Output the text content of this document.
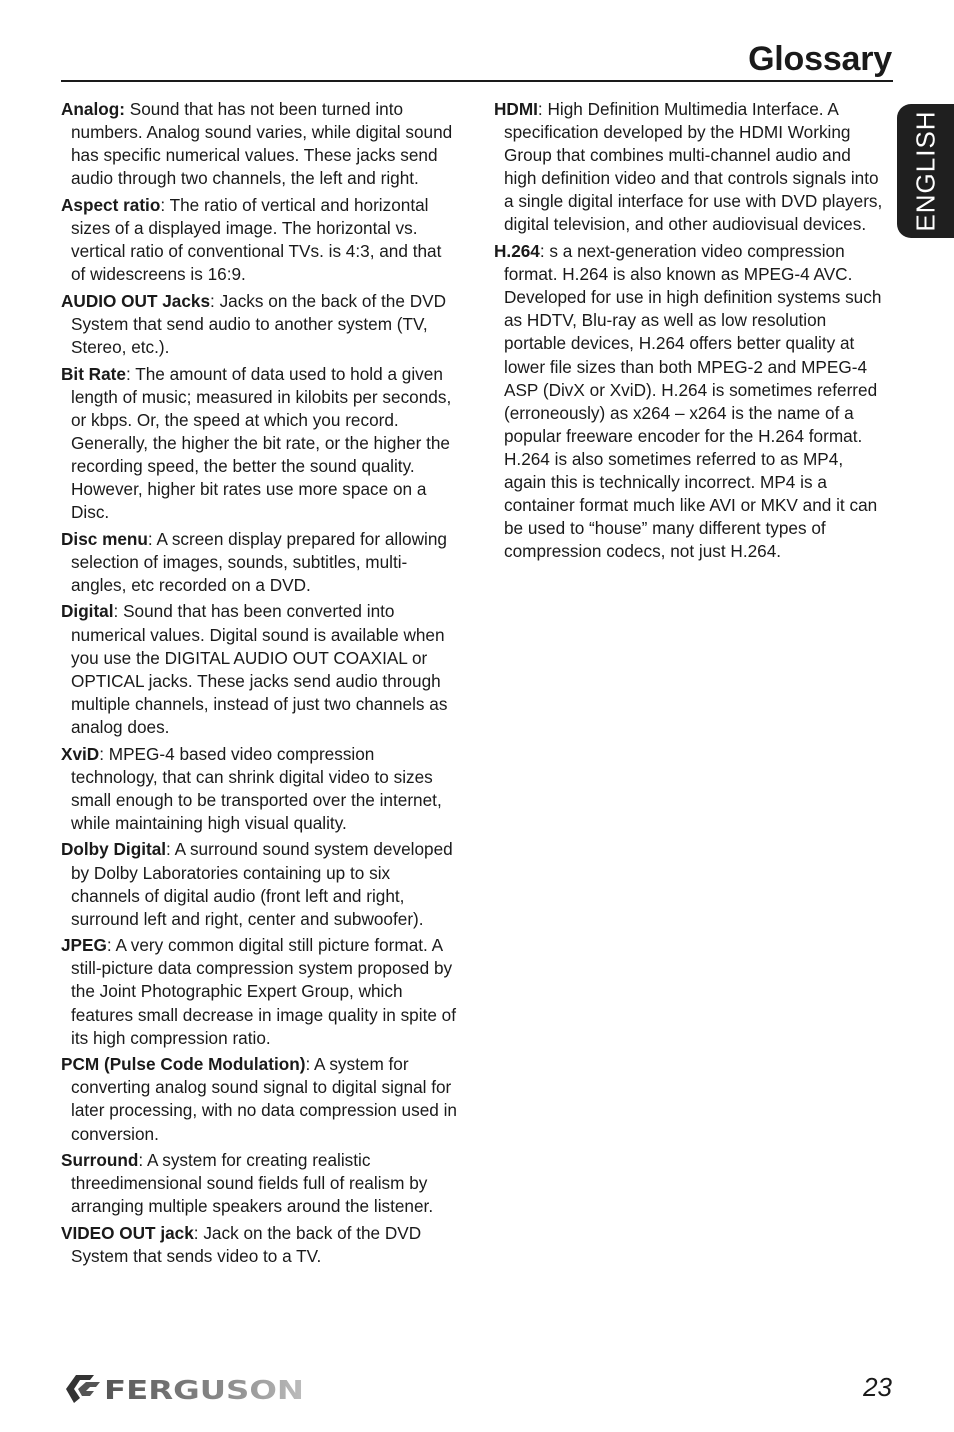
Glossary
ENGLISH

Analog: Sound that has not been turned into numbers. Analog sound varies, while digital sound has specific numerical values. These jacks send audio through two channels, the left and right.

Aspect ratio: The ratio of vertical and horizontal sizes of a displayed image. The horizontal vs. vertical ratio of conventional TVs. is 4:3, and that of widescreens is 16:9.

AUDIO OUT Jacks: Jacks on the back of the DVD System that send audio to another system (TV, Stereo, etc.).

Bit Rate: The amount of data used to hold a given length of music; measured in kilobits per seconds, or kbps. Or, the speed at which you record. Generally, the higher the bit rate, or the higher the recording speed, the better the sound quality. However, higher bit rates use more space on a Disc.

Disc menu: A screen display prepared for allowing selection of images, sounds, subtitles, multi-angles, etc recorded on a DVD.

Digital: Sound that has been converted into numerical values. Digital sound is available when you use the DIGITAL AUDIO OUT COAXIAL or OPTICAL jacks. These jacks send audio through multiple channels, instead of just two channels as analog does.

XviD: MPEG-4 based video compression technology, that can shrink digital video to sizes small enough to be transported over the internet, while maintaining high visual quality.

Dolby Digital: A surround sound system developed by Dolby Laboratories containing up to six channels of digital audio (front left and right, surround left and right, center and subwoofer).

JPEG: A very common digital still picture format. A still-picture data compression system proposed by the Joint Photographic Expert Group, which features small decrease in image quality in spite of its high compression ratio.

PCM (Pulse Code Modulation): A system for converting analog sound signal to digital signal for later processing, with no data compression used in conversion.

Surround: A system for creating realistic threedimensional sound fields full of realism by arranging multiple speakers around the listener.

VIDEO OUT jack: Jack on the back of the DVD System that sends video to a TV.

HDMI: High Definition Multimedia Interface. A specification developed by the HDMI Working Group that combines multi-channel audio and high definition video and that controls signals into a single digital interface for use with DVD players, digital television, and other audiovisual devices.

H.264: s a next-generation video compression format. H.264 is also known as MPEG-4 AVC. Developed for use in high definition systems such as HDTV, Blu-ray as well as low resolution portable devices, H.264 offers better quality at lower file sizes than both MPEG-2 and MPEG-4 ASP (DivX or XviD). H.264 is sometimes referred (erroneously) as x264 – x264 is the name of a popular freeware encoder for the H.264 format. H.264 is also sometimes referred to as MP4, again this is technically incorrect. MP4 is a container format much like AVI or MKV and it can be used to “house” many different types of compression codecs, not just H.264.

FERGUSON	23
